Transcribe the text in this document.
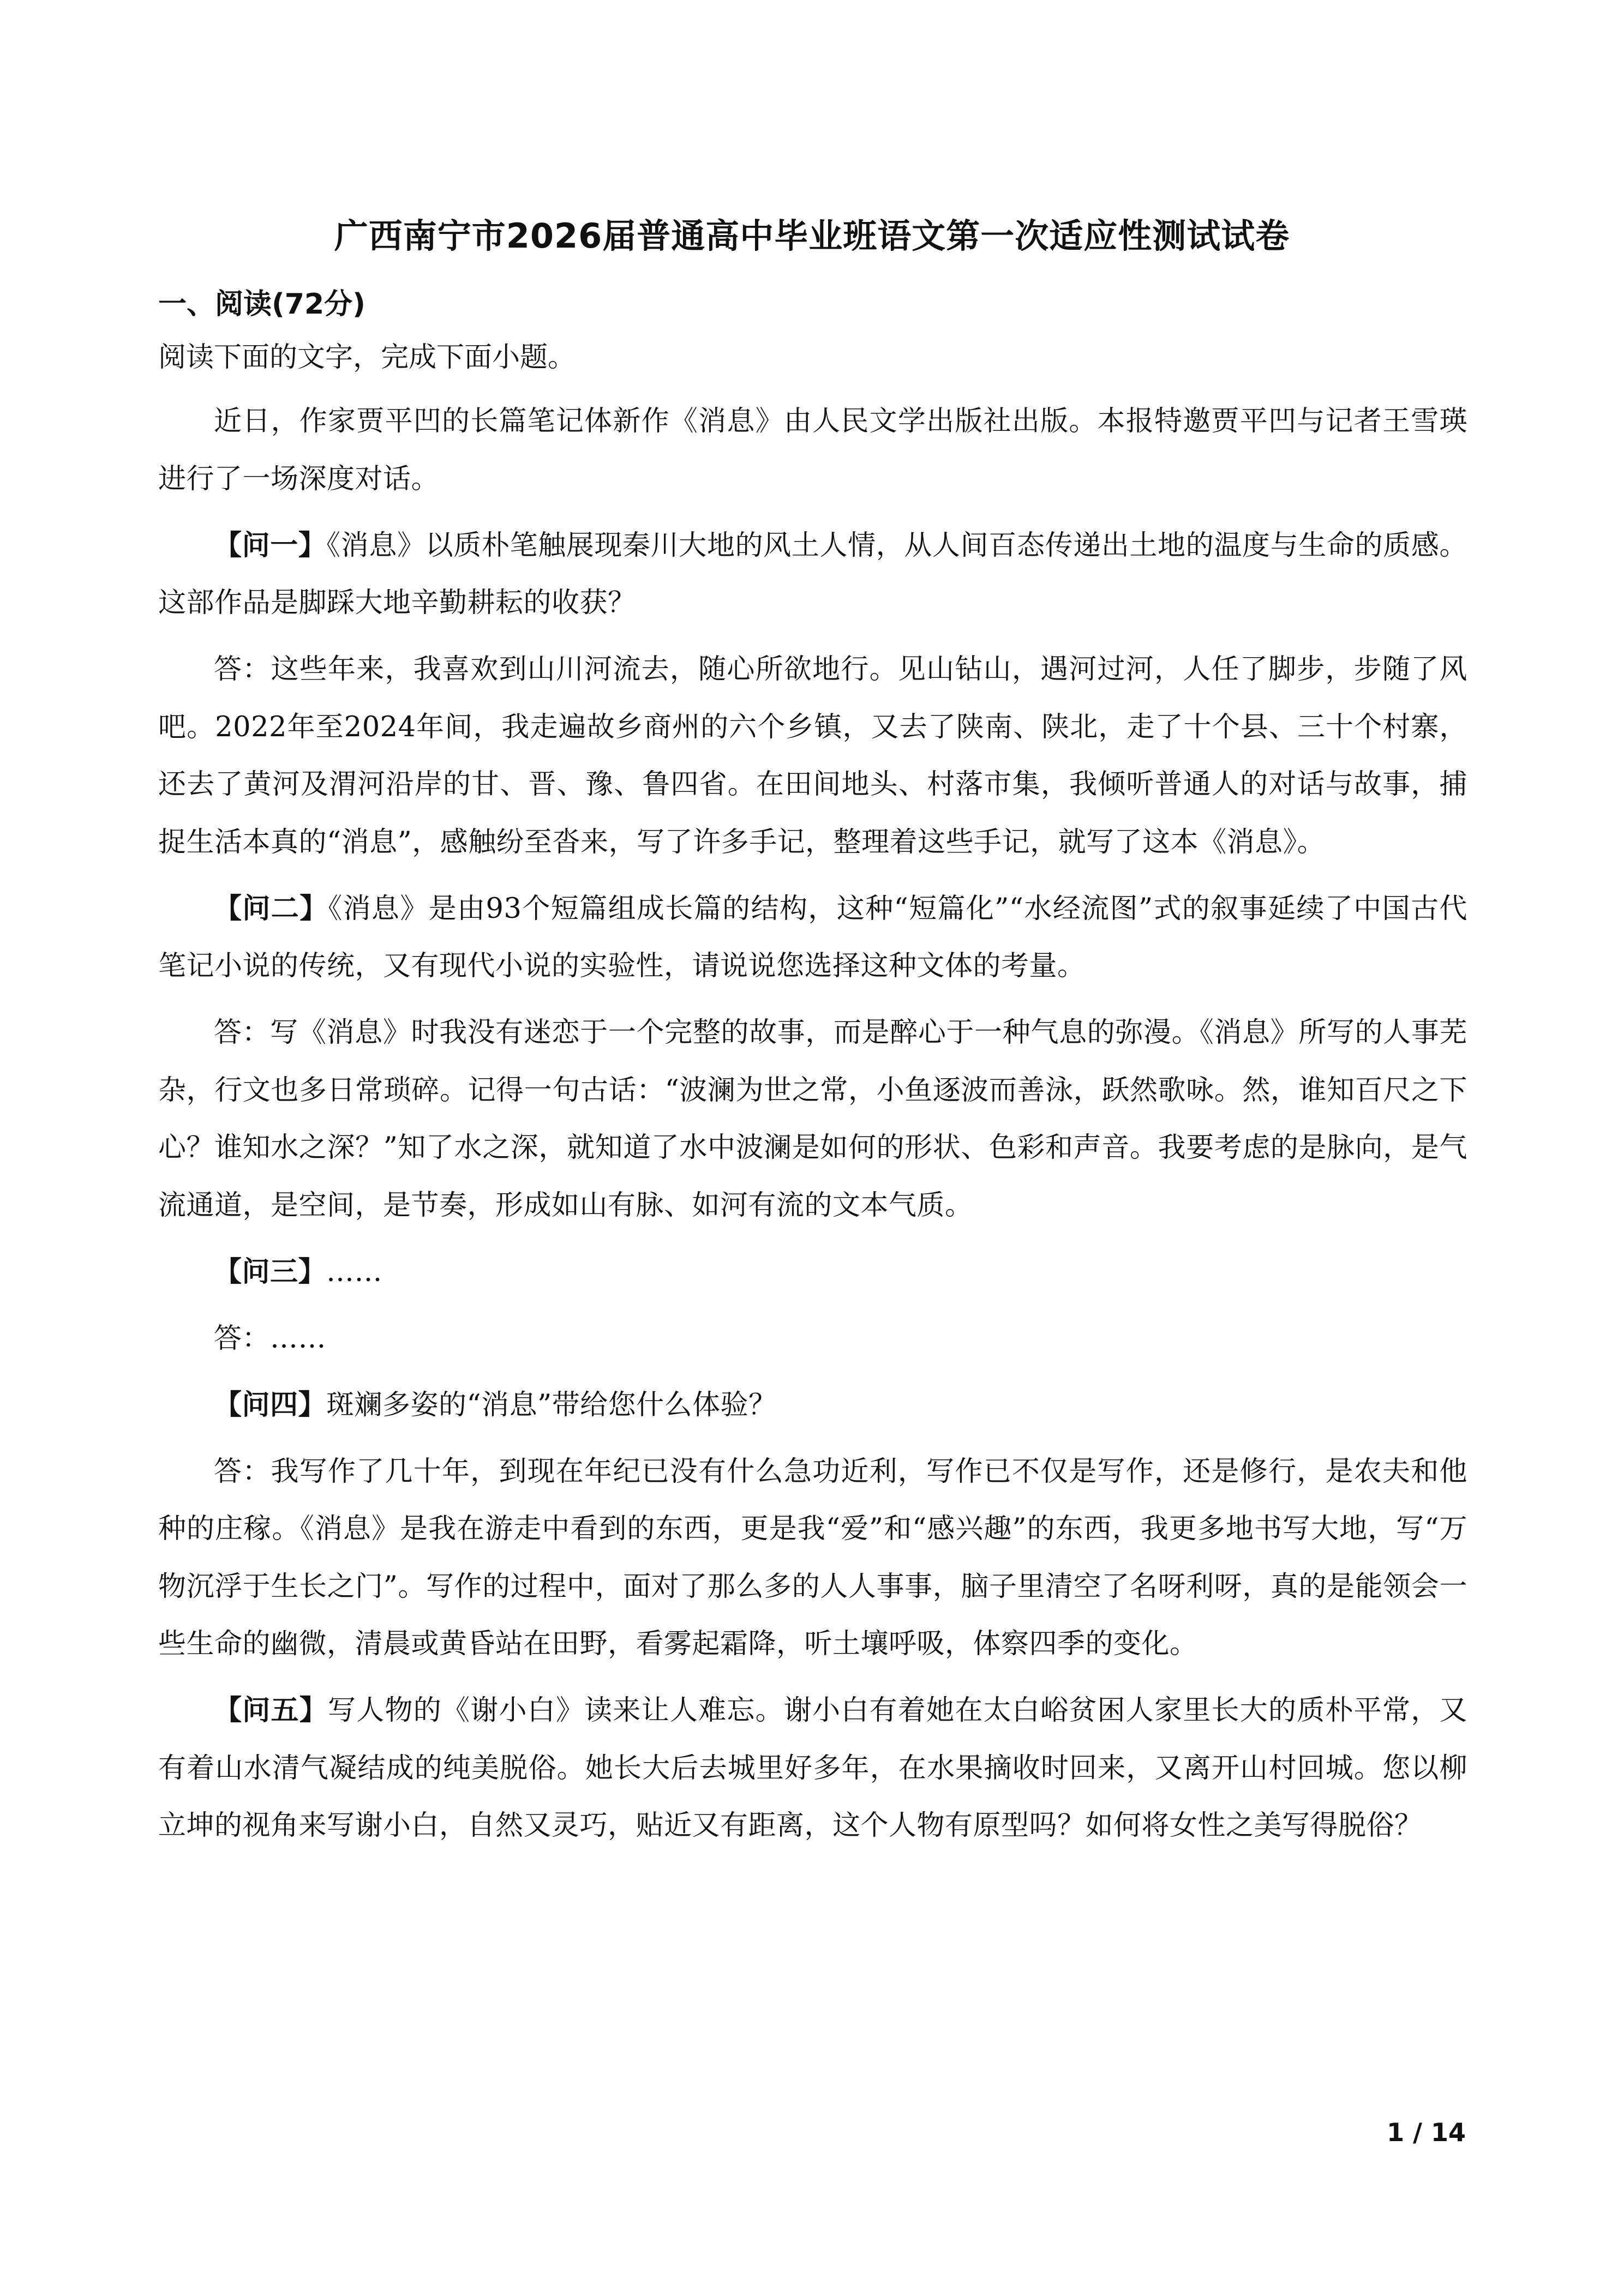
广西南宁市2026届普通高中毕业班语文第一次适应性测试试卷
一、阅读(72分)
阅读下面的文字，完成下面小题。

近日，作家贾平凹的长篇笔记体新作《消息》由人民文学出版社出版。本报特邀贾平凹与记者王雪瑛进行了一场深度对话。

【问一】《消息》以质朴笔触展现秦川大地的风土人情，从人间百态传递出土地的温度与生命的质感。这部作品是脚踩大地辛勤耕耘的收获？

答：这些年来，我喜欢到山川河流去，随心所欲地行。见山钻山，遇河过河，人任了脚步，步随了风吧。2022年至2024年间，我走遍故乡商州的六个乡镇，又去了陕南、陕北，走了十个县、三十个村寨，还去了黄河及渭河沿岸的甘、晋、豫、鲁四省。在田间地头、村落市集，我倾听普通人的对话与故事，捕捉生活本真的“消息”，感触纷至沓来，写了许多手记，整理着这些手记，就写了这本《消息》。

【问二】《消息》是由93个短篇组成长篇的结构，这种“短篇化”“水经流图”式的叙事延续了中国古代笔记小说的传统，又有现代小说的实验性，请说说您选择这种文体的考量。

答：写《消息》时我没有迷恋于一个完整的故事，而是醉心于一种气息的弥漫。《消息》所写的人事芜杂，行文也多日常琐碎。记得一句古话：“波澜为世之常，小鱼逐波而善泳，跃然歌咏。然，谁知百尺之下心？谁知水之深？”知了水之深，就知道了水中波澜是如何的形状、色彩和声音。我要考虑的是脉向，是气流通道，是空间，是节奏，形成如山有脉、如河有流的文本气质。

【问三】……

答：……

【问四】斑斓多姿的“消息”带给您什么体验？

答：我写作了几十年，到现在年纪已没有什么急功近利，写作已不仅是写作，还是修行，是农夫和他种的庄稼。《消息》是我在游走中看到的东西，更是我“爱”和“感兴趣”的东西，我更多地书写大地，写“万物沉浮于生长之门”。写作的过程中，面对了那么多的人人事事，脑子里清空了名呀利呀，真的是能领会一些生命的幽微，清晨或黄昏站在田野，看雾起霜降，听土壤呼吸，体察四季的变化。

【问五】写人物的《谢小白》读来让人难忘。谢小白有着她在太白峪贫困人家里长大的质朴平常，又有着山水清气凝结成的纯美脱俗。她长大后去城里好多年，在水果摘收时回来，又离开山村回城。您以柳立坤的视角来写谢小白，自然又灵巧，贴近又有距离，这个人物有原型吗？如何将女性之美写得脱俗？

1 / 14
